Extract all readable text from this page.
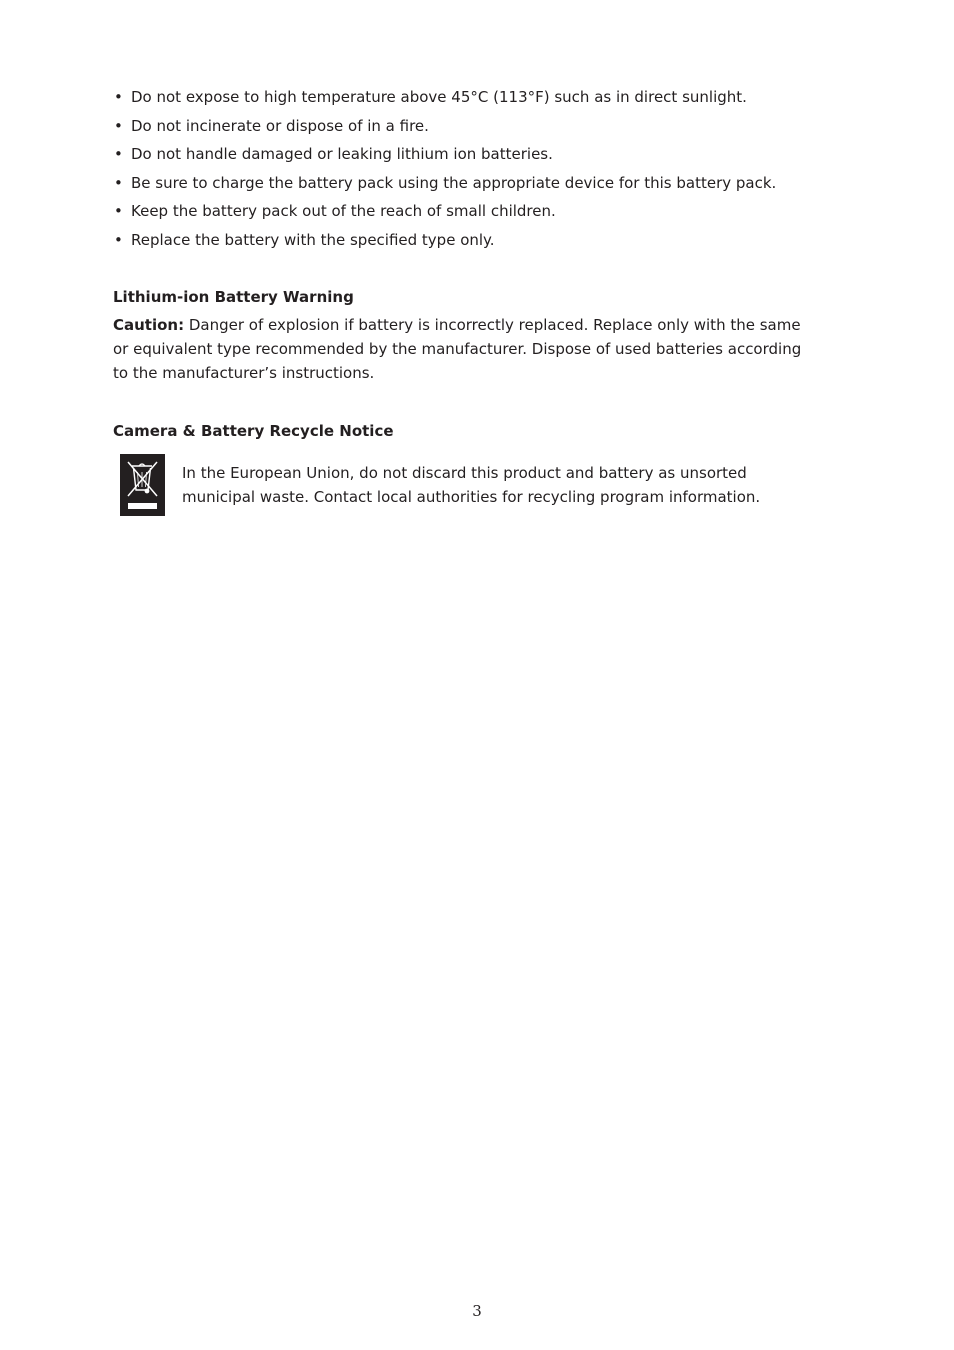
• Do not expose to high temperature above 45°C (113°F) such as in direct sunlight.
• Do not incinerate or dispose of in a fire.
• Do not handle damaged or leaking lithium ion batteries.
• Be sure to charge the battery pack using the appropriate device for this battery pack.
• Keep the battery pack out of the reach of small children.
• Replace the battery with the specified type only.
Lithium-ion Battery Warning

Caution: Danger of explosion if battery is incorrectly replaced. Replace only with the same or equivalent type recommended by the manufacturer. Dispose of used batteries according to the manufacturer’s instructions.

Camera & Battery Recycle Notice

In the European Union, do not discard this product and battery as unsorted municipal waste. Contact local authorities for recycling program information.

3
